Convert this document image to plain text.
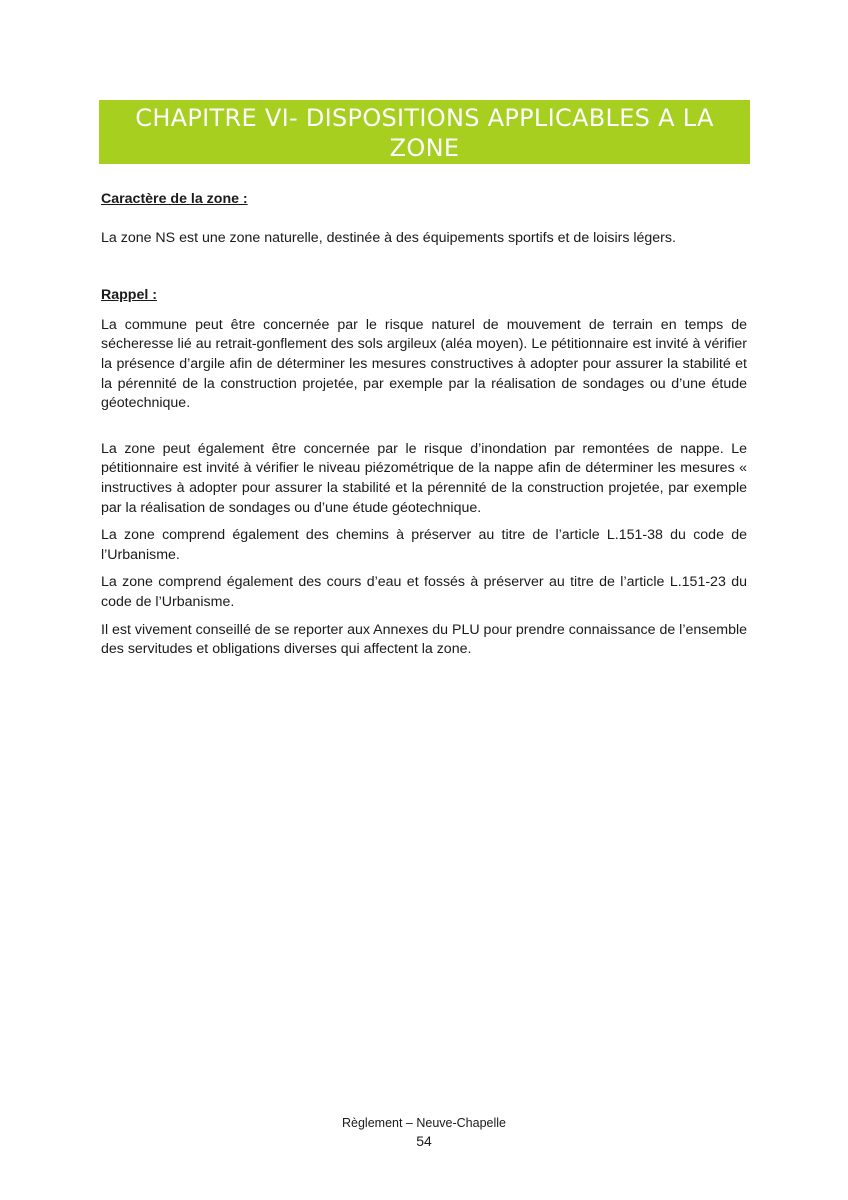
CHAPITRE VI- DISPOSITIONS APPLICABLES A LA ZONE
NS

Caractère de la zone :

La zone NS est une zone naturelle, destinée à des équipements sportifs et de loisirs légers.

Rappel :

La commune peut être concernée par le risque naturel de mouvement de terrain en temps de sécheresse lié au retrait-gonflement des sols argileux (aléa moyen). Le pétitionnaire est invité à vérifier la présence d’argile afin de déterminer les mesures constructives à adopter pour assurer la stabilité et la pérennité de la construction projetée, par exemple par la réalisation de sondages ou d’une étude géotechnique.

La zone peut également être concernée par le risque d’inondation par remontées de nappe. Le pétitionnaire est invité à vérifier le niveau piézométrique de la nappe afin de déterminer les mesures « instructives à adopter pour assurer la stabilité et la pérennité de la construction projetée, par exemple par la réalisation de sondages ou d’une étude géotechnique.

La zone comprend également des chemins à préserver au titre de l’article L.151-38 du code de l’Urbanisme.

La zone comprend également des cours d’eau et fossés à préserver au titre de l’article L.151-23 du code de l’Urbanisme.

Il est vivement conseillé de se reporter aux Annexes du PLU pour prendre connaissance de l’ensemble des servitudes et obligations diverses qui affectent la zone.

Règlement – Neuve-Chapelle
54
